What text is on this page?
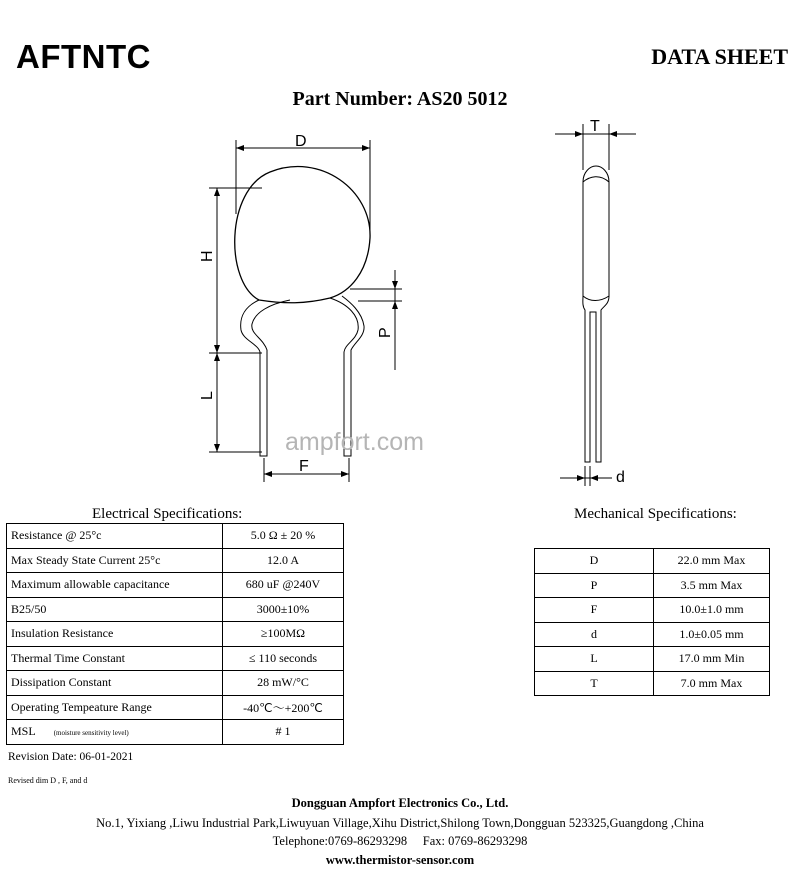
AFTNTC	DATA SHEET
Part Number: AS20 5012
D
H
L
F
P
T
d
ampfort.com
Electrical Specifications:	Mechanical Specifications:
Resistance @ 25°c	5.0 Ω ± 20 %
Max Steady State Current 25°c	12.0 A
Maximum allowable capacitance	680 uF @240V
B25/50	3000±10%
Insulation Resistance	≥100MΩ
Thermal Time Constant	≤ 110 seconds
Dissipation Constant	28 mW/°C
Operating Tempeature Range	-40℃～+200℃
MSL (moisture sensitivity level)	# 1
D	22.0 mm Max
P	3.5 mm Max
F	10.0±1.0 mm
d	1.0±0.05 mm
L	17.0 mm Min
T	7.0 mm Max
Revision Date: 06-01-2021
Revised dim D , F, and d
Dongguan Ampfort Electronics Co., Ltd.
No.1, Yixiang ,Liwu Industrial Park,Liwuyuan Village,Xihu District,Shilong Town,Dongguan 523325,Guangdong ,China
Telephone:0769-86293298     Fax: 0769-86293298
www.thermistor-sensor.com
